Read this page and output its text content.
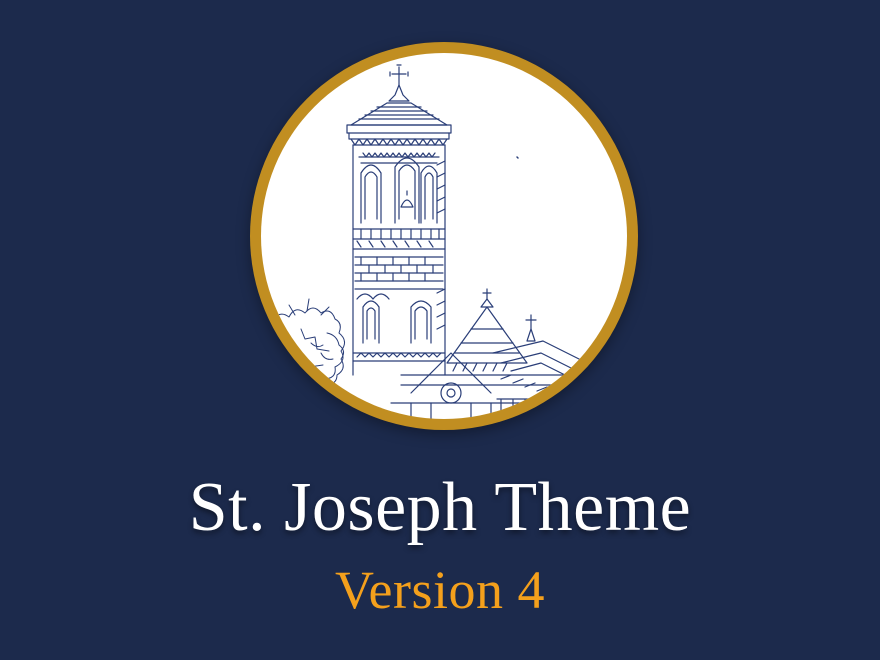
St. Joseph Theme
Version 4
